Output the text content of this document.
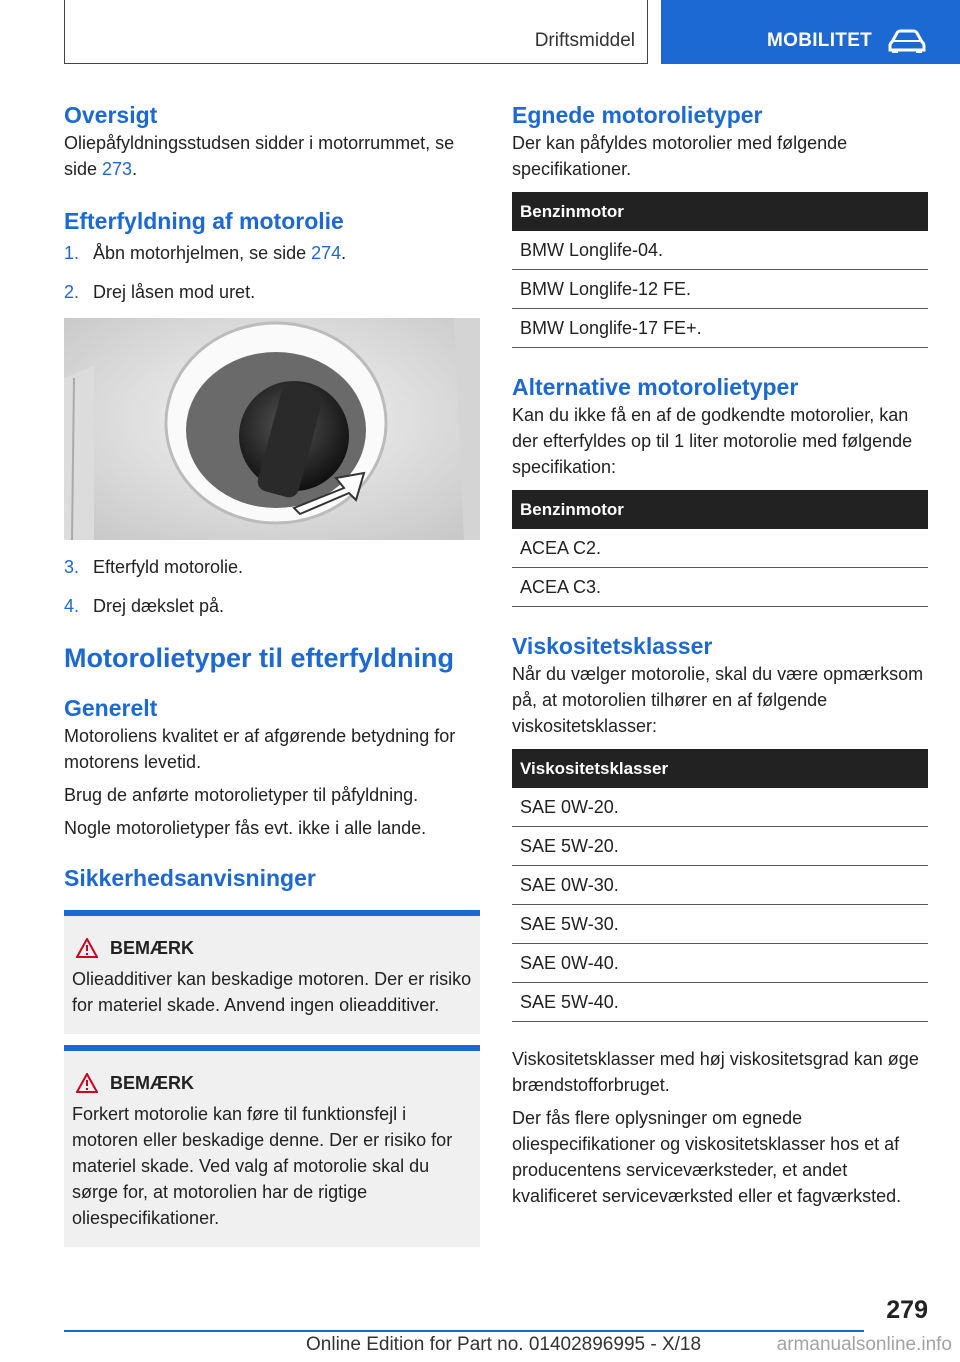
Driftsmiddel	MOBILITET
Oversigt

Oliepåfyldningsstudsen sidder i motorrummet, se side 273.

Efterfyldning af motorolie
1. Åbn motorhjelmen, se side 274.
2. Drej låsen mod uret.
3. Efterfyld motorolie.
4. Drej dækslet på.
Motorolietyper til efterfyldning
Generelt

Motoroliens kvalitet er af afgørende betydning for motorens levetid.

Brug de anførte motorolietyper til påfyldning.

Nogle motorolietyper fås evt. ikke i alle lande.

Sikkerhedsanvisninger
BEMÆRK

Olieadditiver kan beskadige motoren. Der er risiko for materiel skade. Anvend ingen olieadditiver.

BEMÆRK

Forkert motorolie kan føre til funktionsfejl i motoren eller beskadige denne. Der er risiko for materiel skade. Ved valg af motorolie skal du sørge for, at motorolien har de rigtige oliespecifikationer.

Egnede motorolietyper

Der kan påfyldes motorolier med følgende specifikationer.

Benzinmotor
BMW Longlife-04.
BMW Longlife-12 FE.
BMW Longlife-17 FE+.
Alternative motorolietyper

Kan du ikke få en af de godkendte motorolier, kan der efterfyldes op til 1 liter motorolie med følgende specifikation:

Benzinmotor
ACEA C2.
ACEA C3.
Viskositetsklasser

Når du vælger motorolie, skal du være opmærksom på, at motorolien tilhører en af følgende viskositetsklasser:

Viskositetsklasser
SAE 0W-20.
SAE 5W-20.
SAE 0W-30.
SAE 5W-30.
SAE 0W-40.
SAE 5W-40.

Viskositetsklasser med høj viskositetsgrad kan øge brændstofforbruget.

Der fås flere oplysninger om egnede oliespecifikationer og viskositetsklasser hos et af producentens serviceværksteder, et andet kvalificeret serviceværksted eller et fagværksted.

279
Online Edition for Part no. 01402896995 - X/18	armanualsonline.info
